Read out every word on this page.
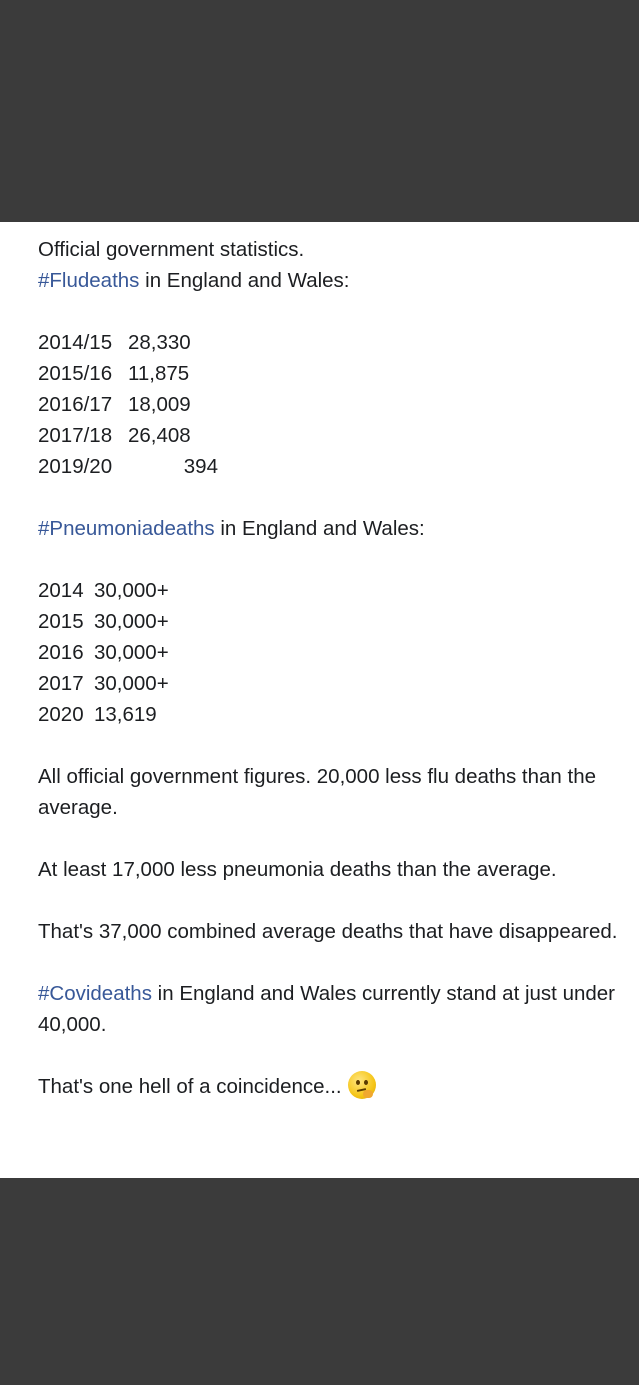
Official government statistics.
#Fludeaths in England and Wales:
2014/15 28,330
2015/16 11,875
2016/17 18,009
2017/18 26,408
2019/20	394
#Pneumoniadeaths in England and Wales:
2014 30,000+
2015 30,000+
2016 30,000+
2017 30,000+
2020 13,619
All official government figures. 20,000 less flu deaths than the average.
At least 17,000 less pneumonia deaths than the average.
That's 37,000 combined average deaths that have disappeared.
#Covideaths in England and Wales currently stand at just under 40,000.
That's one hell of a coincidence...
